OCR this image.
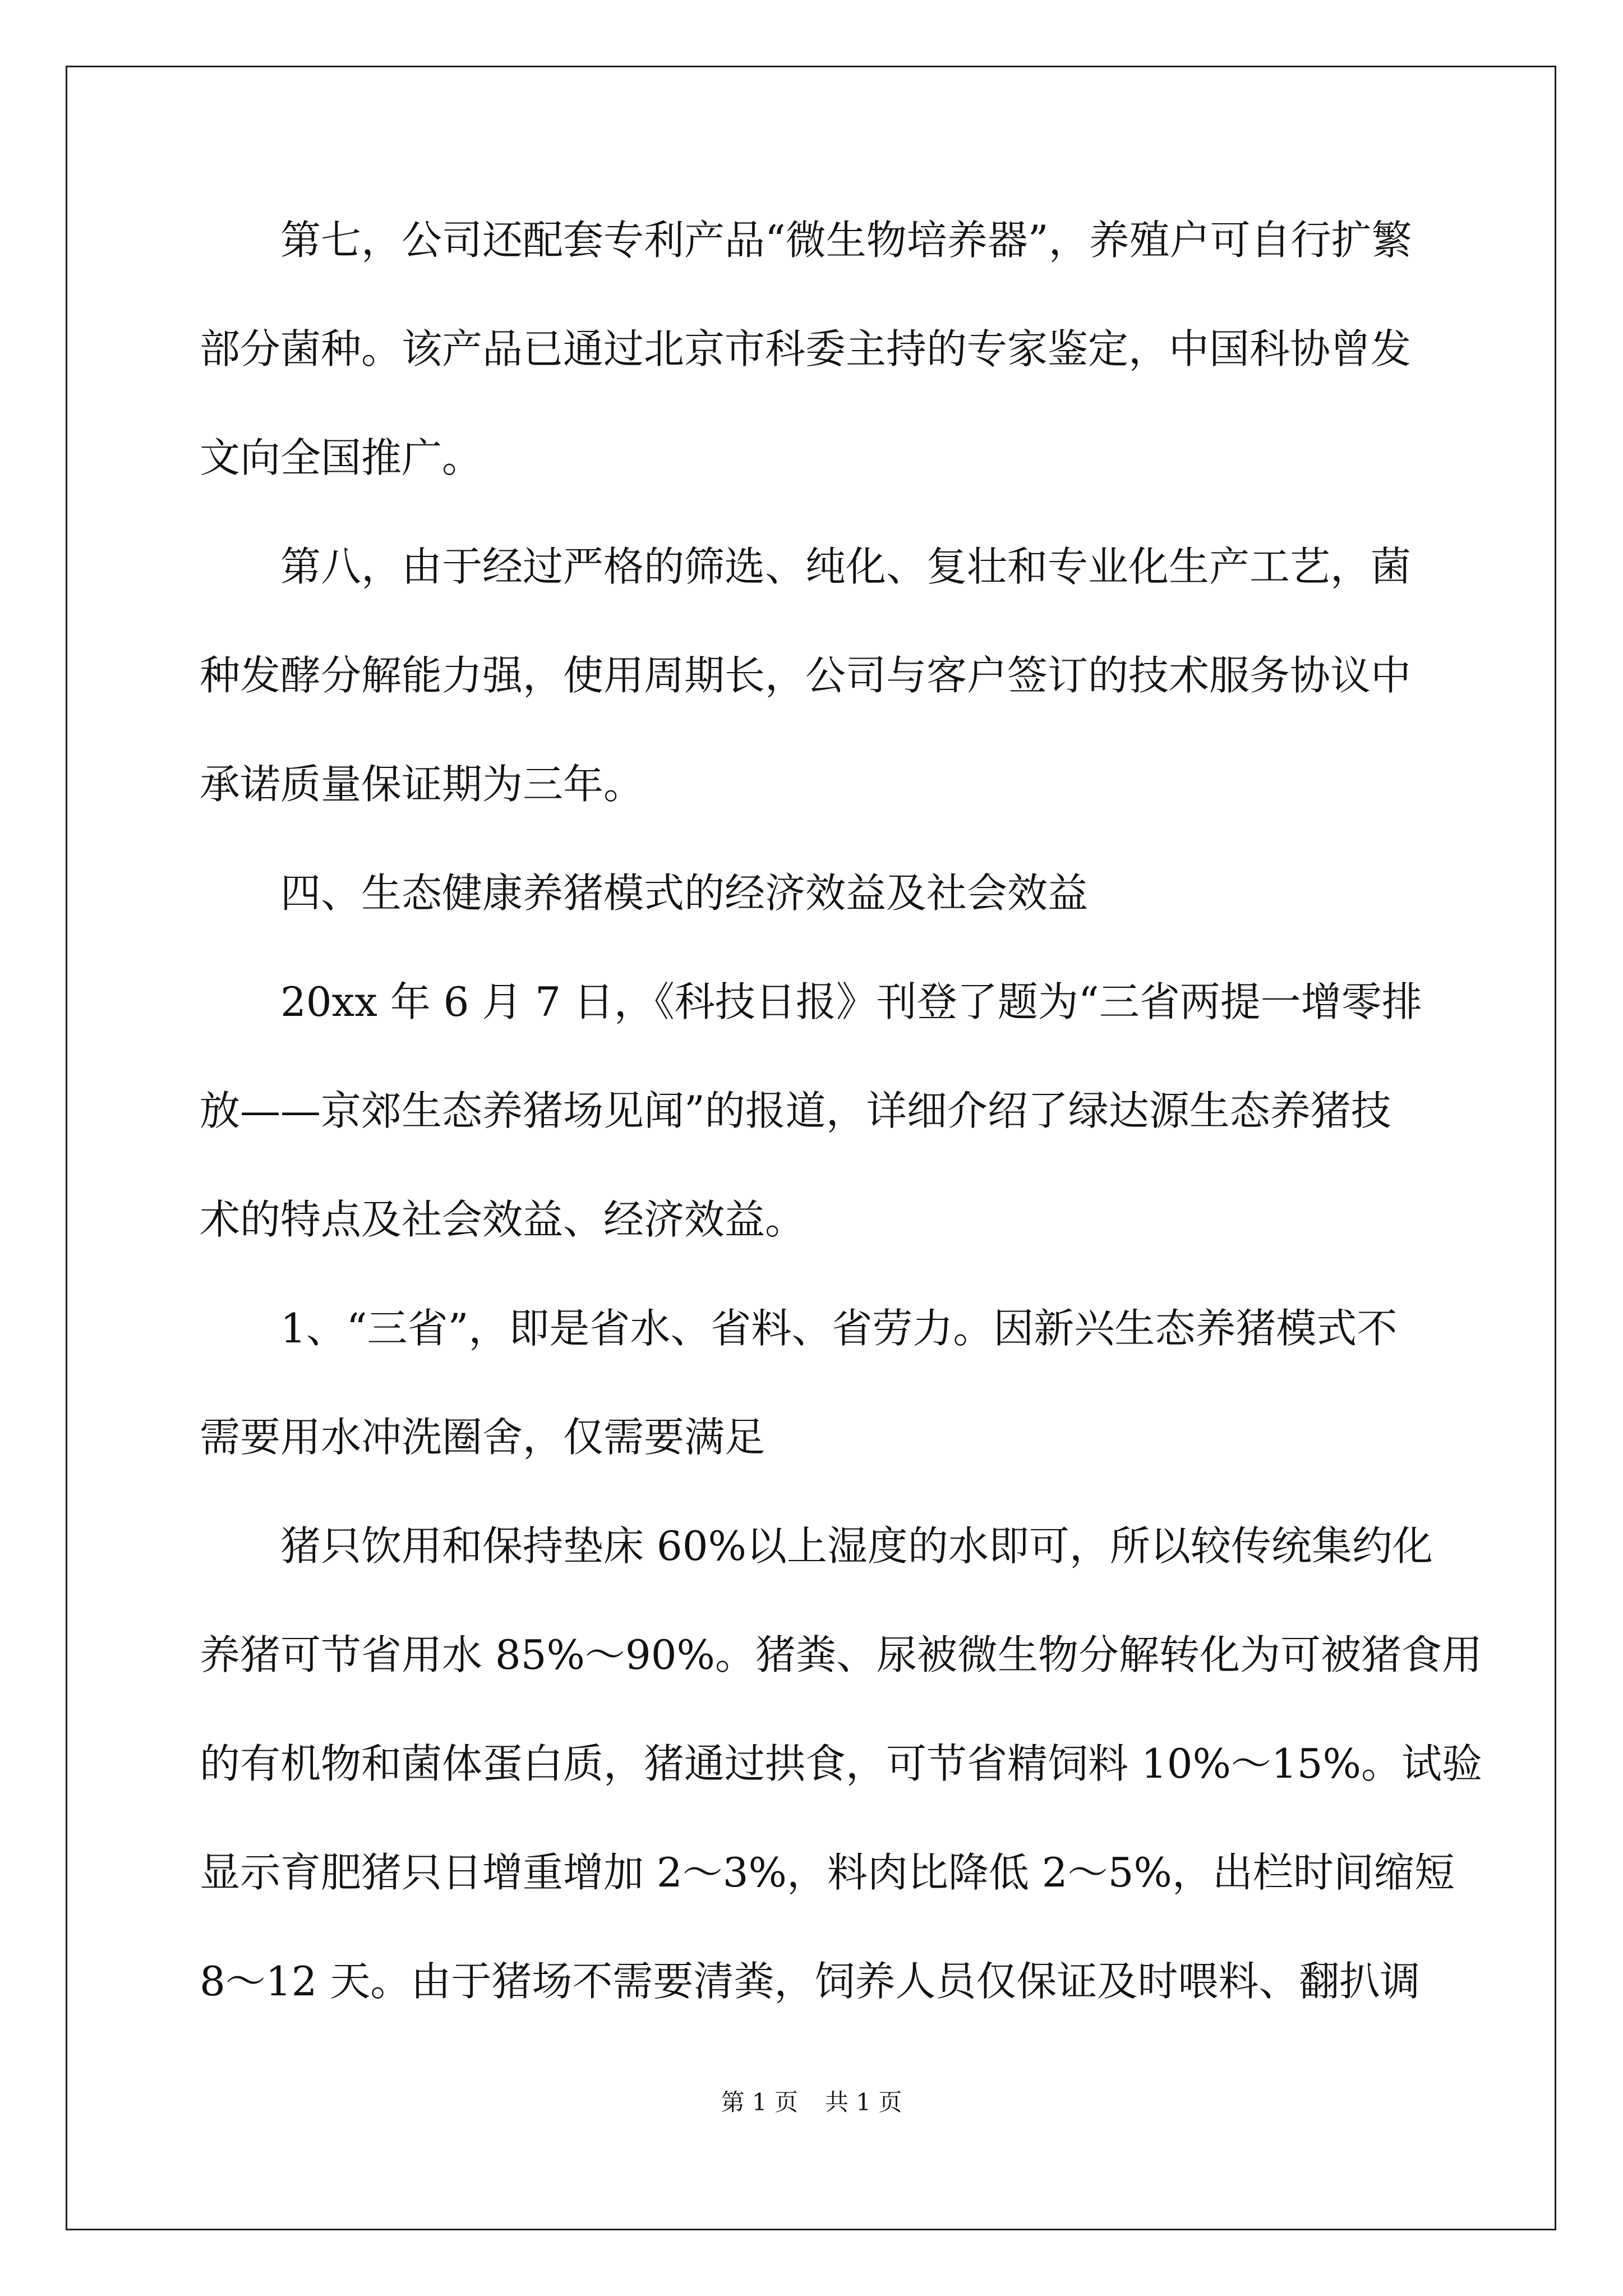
　　第七，公司还配套专利产品“微生物培养器”，养殖户可自行扩繁
部分菌种。该产品已通过北京市科委主持的专家鉴定，中国科协曾发
文向全国推广。
　　第八，由于经过严格的筛选、纯化、复壮和专业化生产工艺，菌
种发酵分解能力强，使用周期长，公司与客户签订的技术服务协议中
承诺质量保证期为三年。
　　四、生态健康养猪模式的经济效益及社会效益
　　20xx 年 6 月 7 日，《科技日报》刊登了题为“三省两提一增零排
放——京郊生态养猪场见闻”的报道，详细介绍了绿达源生态养猪技
术的特点及社会效益、经济效益。
　　1、“三省”，即是省水、省料、省劳力。因新兴生态养猪模式不
需要用水冲洗圈舍，仅需要满足
　　猪只饮用和保持垫床 60%以上湿度的水即可，所以较传统集约化
养猪可节省用水 85%～90%。猪粪、尿被微生物分解转化为可被猪食用
的有机物和菌体蛋白质，猪通过拱食，可节省精饲料 10%～15%。试验
显示育肥猪只日增重增加 2～3%，料肉比降低 2～5%，出栏时间缩短
8～12 天。由于猪场不需要清粪，饲养人员仅保证及时喂料、翻扒调
第 1 页 共 1 页
